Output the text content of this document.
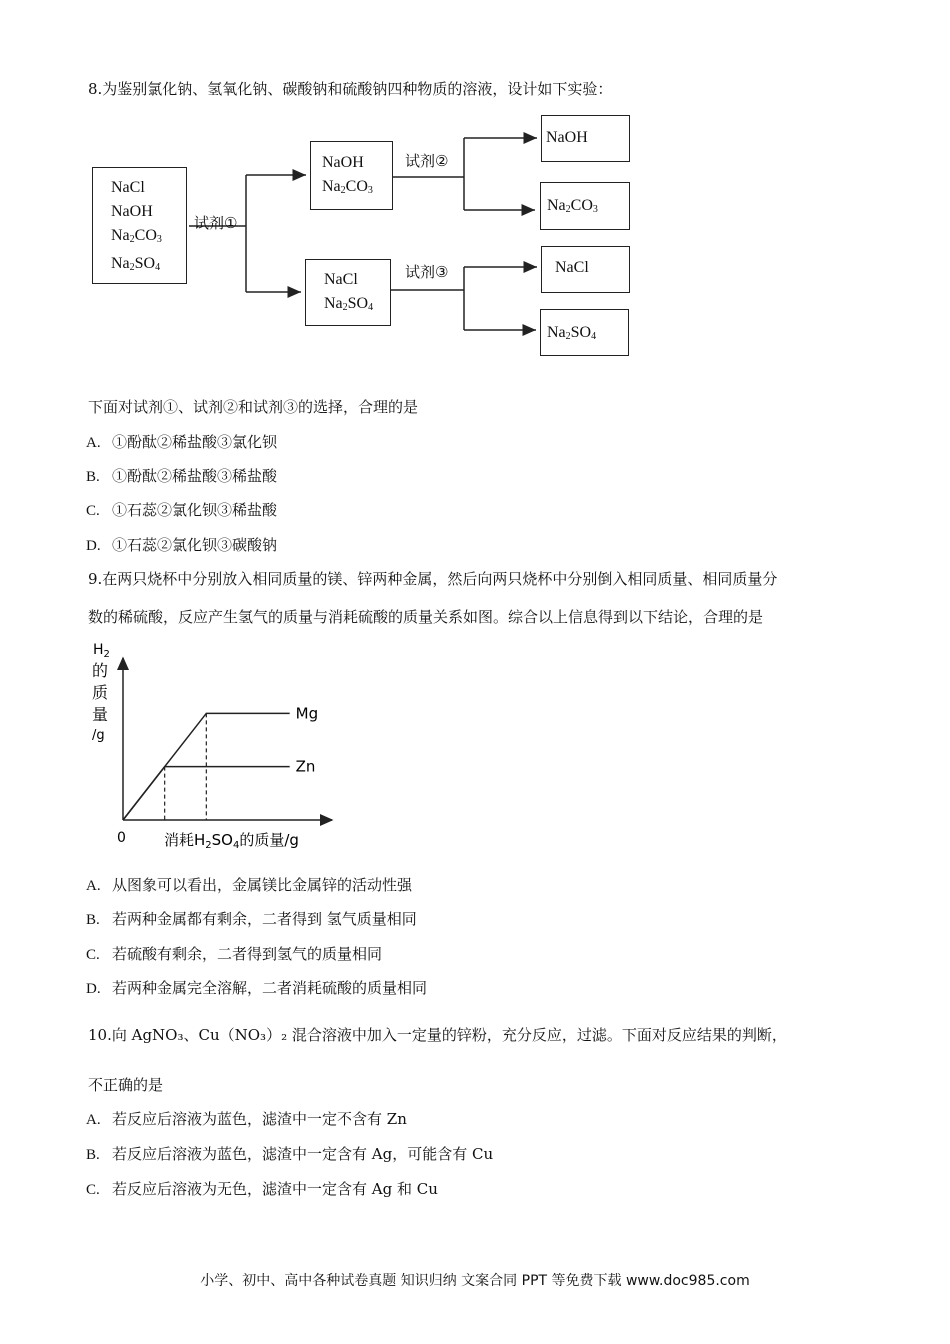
8.为鉴别氯化钠、氢氧化钠、碳酸钠和硫酸钠四种物质的溶液，设计如下实验：
NaCl
NaOH
$Na_2CO_3$
$Na_2SO_4$
试剂①
NaOH
$Na_2CO_3$
试剂②
NaCl
$Na_2SO_4$
试剂③
NaOH
$Na_2CO_3$
NaCl
$Na_2SO_4$
下面对试剂①、试剂②和试剂③的选择，合理的是
A. ①酚酞②稀盐酸③氯化钡
B. ①酚酞②稀盐酸③稀盐酸
C. ①石蕊②氯化钡③稀盐酸
D. ①石蕊②氯化钡③碳酸钠
9.在两只烧杯中分别放入相同质量的镁、锌两种金属，然后向两只烧杯中分别倒入相同质量、相同质量分
数的稀硫酸，反应产生氢气的质量与消耗硫酸的质量关系如图。综合以上信息得到以下结论，合理的是
$H_2$
的
质
量
/g
0	消耗$H_2SO_4$的质量/g
Mg
Zn
A. 从图象可以看出，金属镁比金属锌的活动性强
B. 若两种金属都有剩余，二者得到 氢气质量相同
C. 若硫酸有剩余，二者得到氢气的质量相同
D. 若两种金属完全溶解，二者消耗硫酸的质量相同
10.向 AgNO₃、Cu（NO₃）₂ 混合溶液中加入一定量的锌粉，充分反应，过滤。下面对反应结果的判断，
不正确的是
A. 若反应后溶液为蓝色，滤渣中一定不含有 Zn
B. 若反应后溶液为蓝色，滤渣中一定含有 Ag，可能含有 Cu
C. 若反应后溶液为无色，滤渣中一定含有 Ag 和 Cu
小学、初中、高中各种试卷真题 知识归纳 文案合同 PPT 等免费下载 www.doc985.com
